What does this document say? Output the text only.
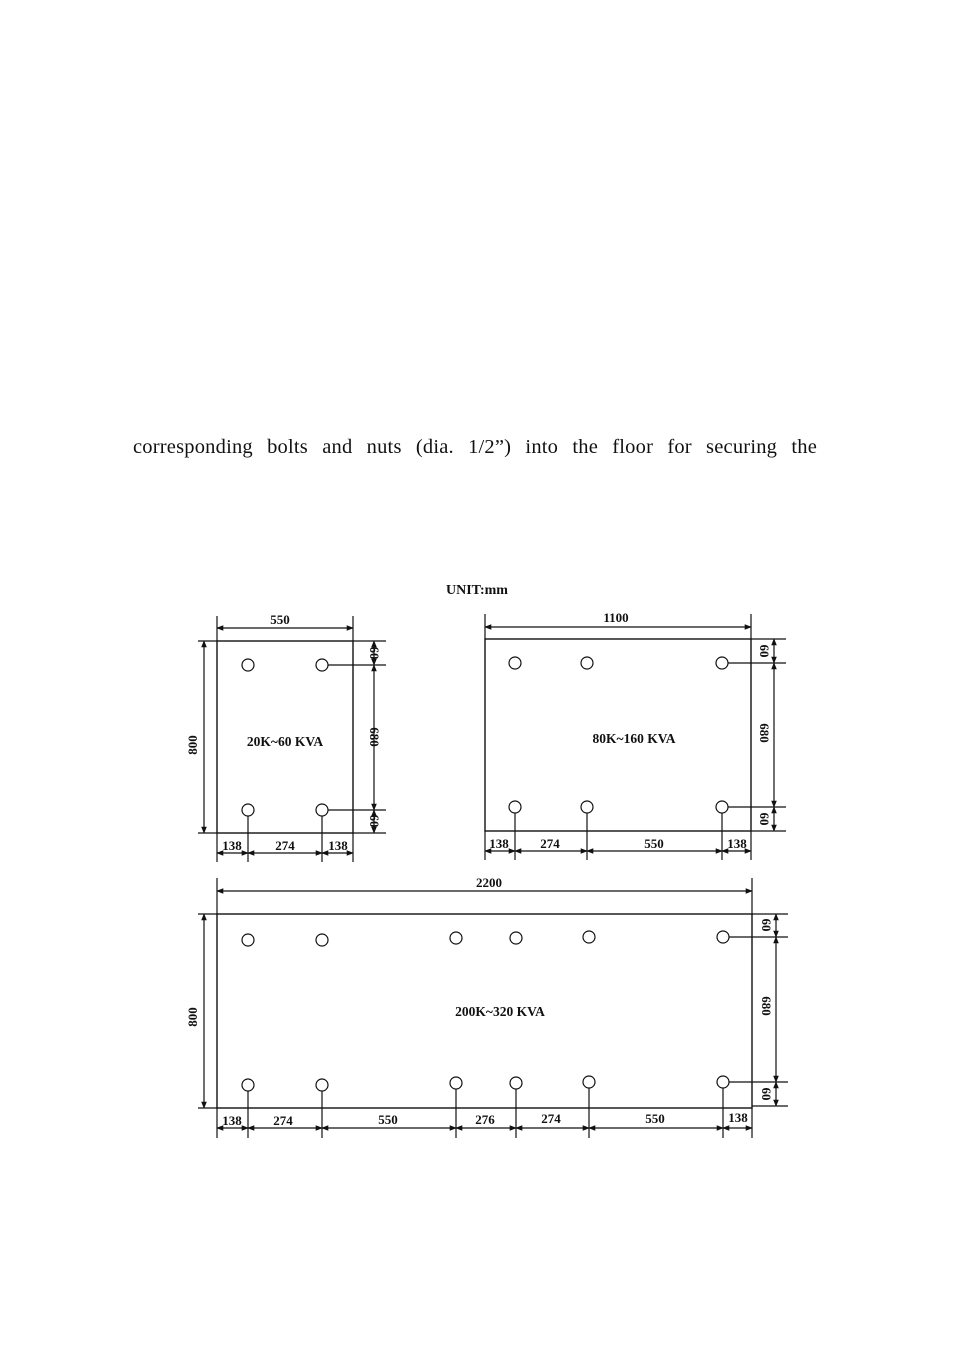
corresponding bolts and nuts (dia. 1/2”) into the floor for securing the
UNIT:mm
20K~60 KVA
550
800
60
680
60
138	274	138
80K~160 KVA
1100
60
680
60
138 274	550	138
200K~320 KVA
2200
800
60
680
60
138 274	550	276	274	550	138
